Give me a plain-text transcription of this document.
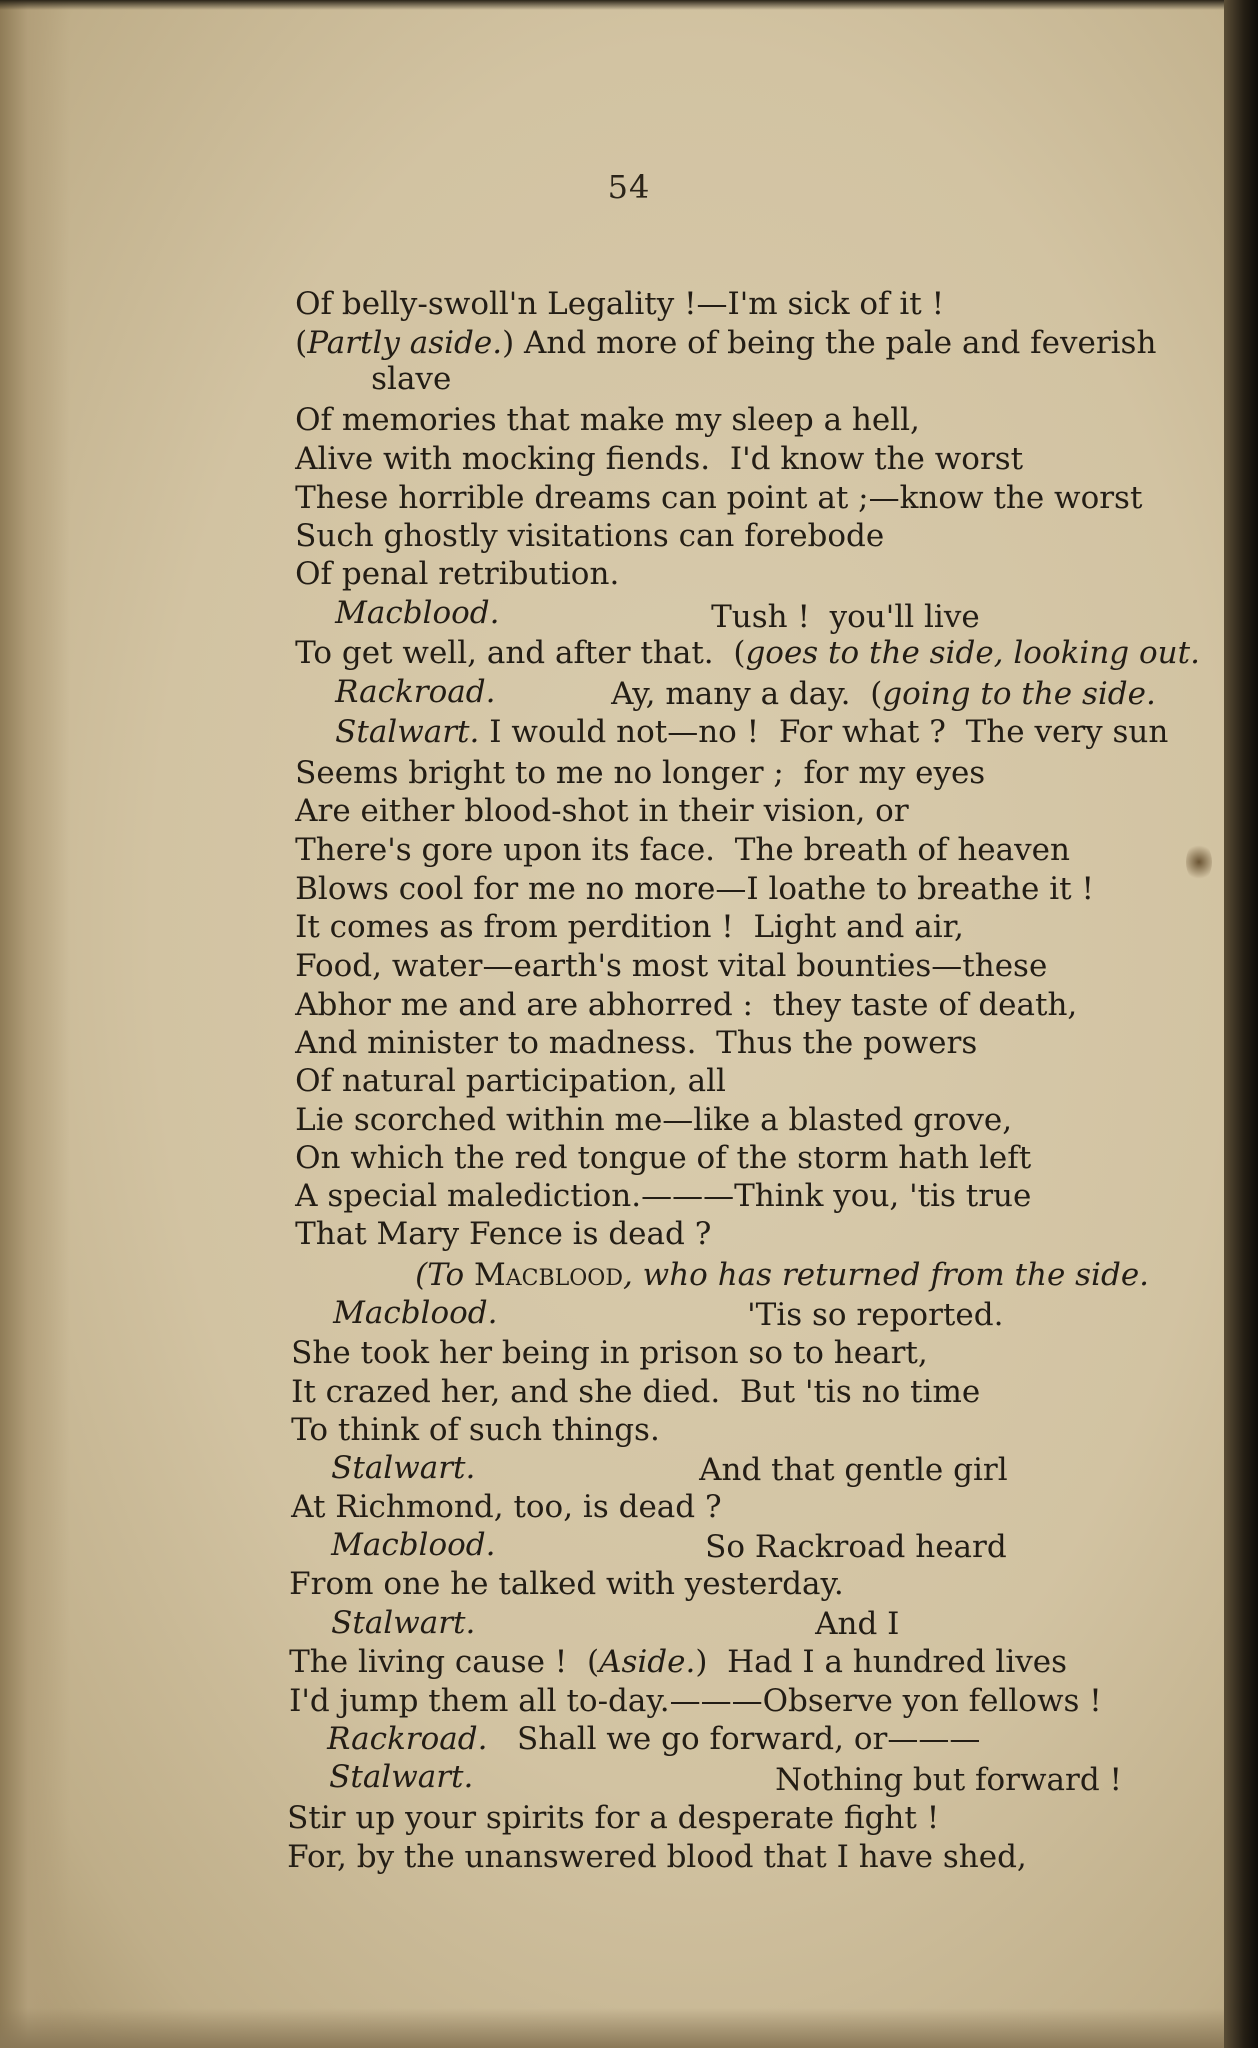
54

Of belly-swoll'n Legality !—I'm sick of it !

(Partly aside.) And more of being the pale and feverish

slave

Of memories that make my sleep a hell,

Alive with mocking fiends.  I'd know the worst

These horrible dreams can point at ;—know the worst

Such ghostly visitations can forebode

Of penal retribution.

Macblood.
	Tush !  you'll live

To get well, and after that.  (goes to the side, looking out.

Rackroad.
	Ay, many a day.  (going to the side.

Stalwart. I would not—no !  For what ?  The very sun

Seems bright to me no longer ;  for my eyes

Are either blood-shot in their vision, or

There's gore upon its face.  The breath of heaven

Blows cool for me no more—I loathe to breathe it !

It comes as from perdition !  Light and air,

Food, water—earth's most vital bounties—these

Abhor me and are abhorred :  they taste of death,

And minister to madness.  Thus the powers

Of natural participation, all

Lie scorched within me—like a blasted grove,

On which the red tongue of the storm hath left

A special malediction.———Think you, 'tis true

That Mary Fence is dead ?

(To Macblood, who has returned from the side.

Macblood.
	'Tis so reported.

She took her being in prison so to heart,

It crazed her, and she died.  But 'tis no time

To think of such things.

Stalwart.
	And that gentle girl

At Richmond, too, is dead ?

Macblood.
	So Rackroad heard

From one he talked with yesterday.

Stalwart.
	And I

The living cause !  (Aside.)  Had I a hundred lives

I'd jump them all to-day.———Observe yon fellows !

Rackroad. Shall we go forward, or———

Stalwart.
	Nothing but forward !

Stir up your spirits for a desperate fight !

For, by the unanswered blood that I have shed,
